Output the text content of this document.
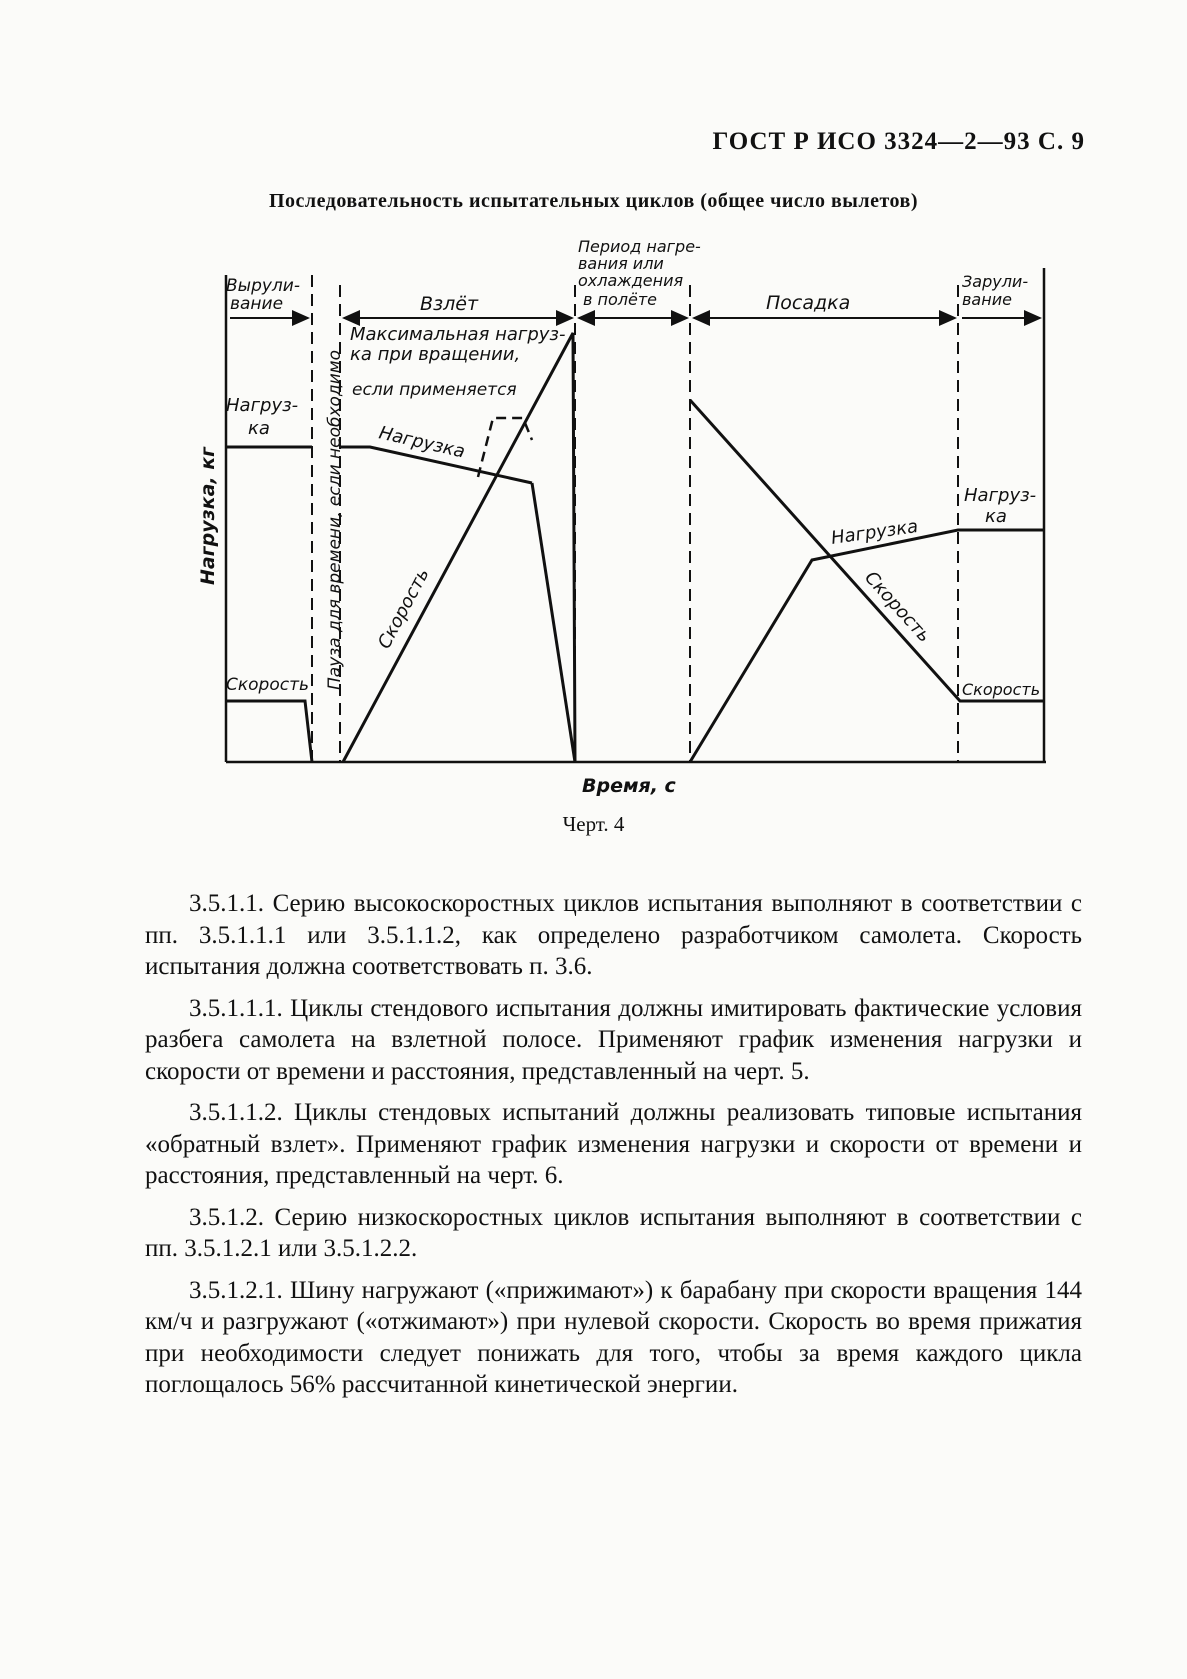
ГОСТ Р ИСО 3324—2—93 С. 9
Последовательность испытательных циклов (общее число вылетов)
Выpули-
вание	Взлёт
Период нагре-
вания или
охлаждения
в полёте	Посадка
Зарули-
вание
Максимальная нагруз-
ка при вращении,
если применяется
Нагруз-
ка	Нагрузка
Нагрузка
Нагруз-
ка
Скорость
Скорость	Скорость
Скорость
Пауза для времени, если необходимо
Нагрузка, кг
Время, с
Черт. 4

3.5.1.1. Серию высокоскоростных циклов испытания выполняют в соответствии с пп. 3.5.1.1.1 или 3.5.1.1.2, как определено разработчиком самолета. Скорость испытания должна соответствовать п. 3.6.

3.5.1.1.1. Циклы стендового испытания должны имитировать фактические условия разбега самолета на взлетной полосе. Применяют график изменения нагрузки и скорости от времени и расстояния, представленный на черт. 5.

3.5.1.1.2. Циклы стендовых испытаний должны реализовать типовые испытания «обратный взлет». Применяют график изменения нагрузки и скорости от времени и расстояния, представленный на черт. 6.

3.5.1.2. Серию низкоскоростных циклов испытания выполняют в соответствии с пп. 3.5.1.2.1 или 3.5.1.2.2.

3.5.1.2.1. Шину нагружают («прижимают») к барабану при скорости вращения 144 км/ч и разгружают («отжимают») при нулевой скорости. Скорость во время прижатия при необходимости следует понижать для того, чтобы за время каждого цикла поглощалось 56% рассчитанной кинетической энергии.
